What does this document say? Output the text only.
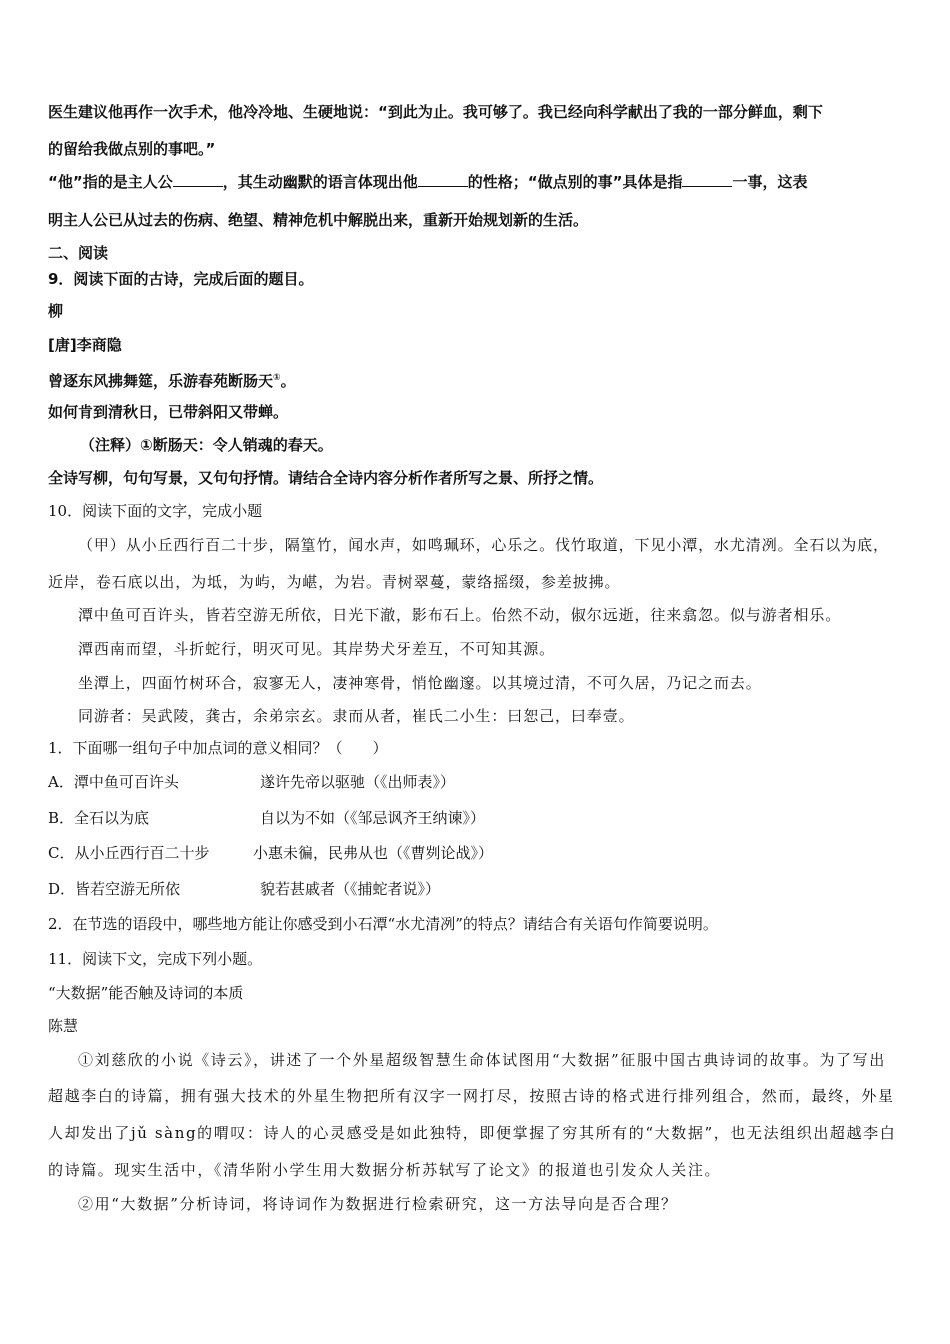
医生建议他再作一次手术，他冷冷地、生硬地说：“到此为止。我可够了。我已经向科学献出了我的一部分鲜血，剩下
的留给我做点别的事吧。”
“他”指的是主人公	，其生动幽默的语言体现出他	的性格；“做点别的事”具体是指	一事，这表
明主人公已从过去的伤病、绝望、精神危机中解脱出来，重新开始规划新的生活。
二、阅读
9．阅读下面的古诗，完成后面的题目。
柳
[唐]李商隐
曾逐东风拂舞筵，乐游春苑断肠天①。
如何肯到清秋日，已带斜阳又带蝉。
（注释）①断肠天：令人销魂的春天。
全诗写柳，句句写景，又句句抒情。请结合全诗内容分析作者所写之景、所抒之情。
10．阅读下面的文字，完成小题
（甲）从小丘西行百二十步，隔篁竹，闻水声，如鸣珮环，心乐之。伐竹取道，下见小潭，水尤清冽。全石以为底，
近岸，卷石底以出，为坻，为屿，为嵁，为岩。青树翠蔓，蒙络摇缀，参差披拂。
潭中鱼可百许头，皆若空游无所依，日光下澈，影布石上。佁然不动，俶尔远逝，往来翕忽。似与游者相乐。
潭西南而望，斗折蛇行，明灭可见。其岸势犬牙差互，不可知其源。
坐潭上，四面竹树环合，寂寥无人，凄神寒骨，悄怆幽邃。以其境过清，不可久居，乃记之而去。
同游者：吴武陵，龚古，余弟宗玄。隶而从者，崔氏二小生：曰恕己，曰奉壹。
1．下面哪一组句子中加点词的意义相同？（　　）
A．潭中鱼可百许头	遂许先帝以驱驰（《出师表》）
B．全石以为底	自以为不如（《邹忌讽齐王纳谏》）
C．从小丘西行百二十步	小惠未徧，民弗从也（《曹刿论战》）
D．皆若空游无所依	貌若甚戚者（《捕蛇者说》）
2．在节选的语段中，哪些地方能让你感受到小石潭“水尤清冽”的特点？请结合有关语句作简要说明。
11．阅读下文，完成下列小题。
“大数据”能否触及诗词的本质
陈慧
①刘慈欣的小说《诗云》，讲述了一个外星超级智慧生命体试图用“大数据”征服中国古典诗词的故事。为了写出
超越李白的诗篇，拥有强大技术的外星生物把所有汉字一网打尽，按照古诗的格式进行排列组合，然而，最终，外星
人却发出了jǔ sàng的喟叹：诗人的心灵感受是如此独特，即便掌握了穷其所有的“大数据”，也无法组织出超越李白
的诗篇。现实生活中，《清华附小学生用大数据分析苏轼写了论文》的报道也引发众人关注。
②用“大数据”分析诗词，将诗词作为数据进行检索研究，这一方法导向是否合理？
